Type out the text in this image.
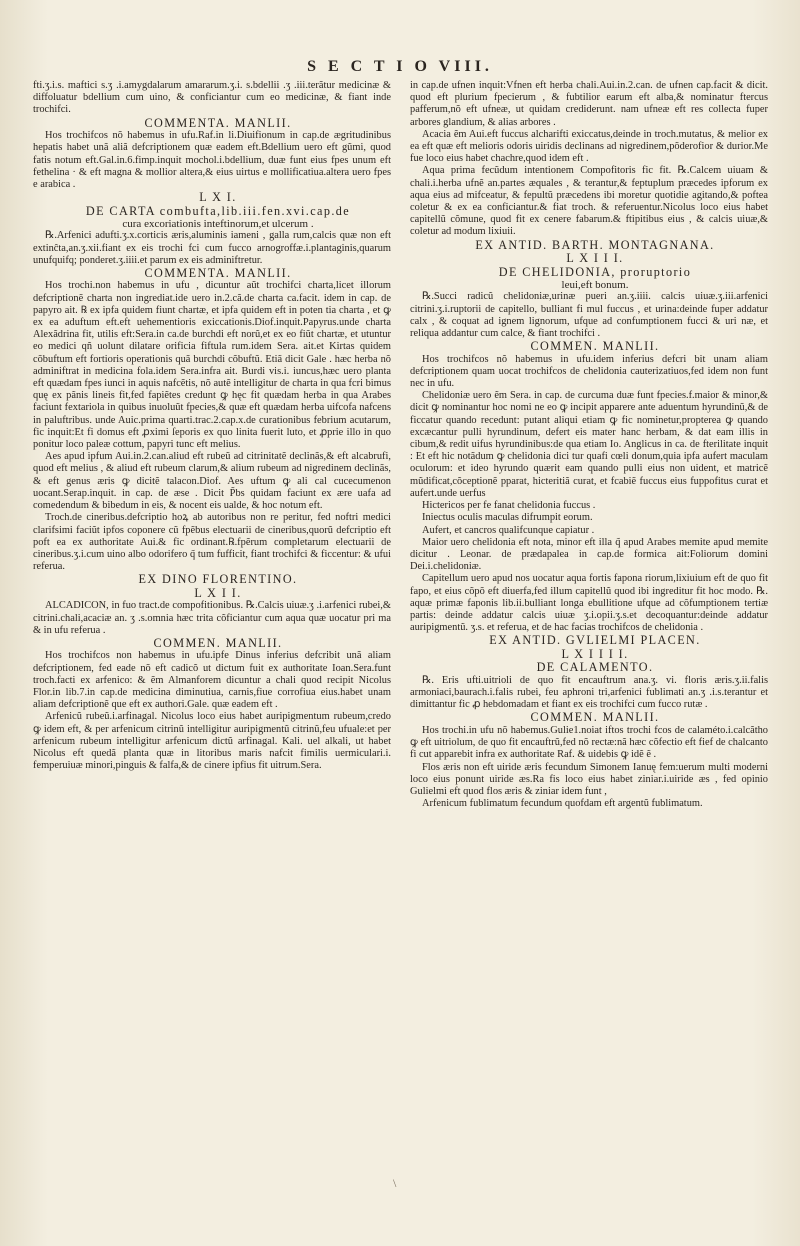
S E C T I O VIII.

fti.ʒ.i.s. maftici s.ʒ .i.amygdalarum amararum.ʒ.i. s.bdellii .ʒ .iii.terãtur medicinæ & diffoluatur bdellium cum uino, & conficiantur cum eo medicinæ, & fiant inde trochifci.

COMMENTA. MANLII.

Hos trochifcos nõ habemus in ufu.Raf.in li.Diuifionum in cap.de ægritudinibus hepatis habet unã aliã defcriptionem quæ eadem eft.Bdellium uero eft gũmi, quod fatis notum eft.Gal.in.6.fimp.inquit mochol.i.bdellium, duæ funt eius fpes unum eft fethelina · & eft magna & mollior altera,& eius uirtus e mollificatiua.altera uero fpes e arabica .

L X I.

DE CARTA combufta,lib.iii.fen.xvi.cap.de

cura excoriationis inteftinorum,et ulcerum .

℞.Arfenici adufti.ʒ.x.corticis æris,aluminis iameni , galla rum,calcis quæ non eft extinĉta,an.ʒ.xii.fiant ex eis trochi fci cum fucco arnogroffæ.i.plantaginis,quarum unufquifq; ponderet.ʒ.iiii.et parum ex eis adminiftretur.

COMMENTA. MANLII.

Hos trochi.non habemus in ufu , dicuntur aũt trochifci charta,licet illorum defcriptionẽ charta non ingrediat.ide uero in.2.cã.de charta ca.facit. idem in cap. de papyro ait. ℞ ex ipfa quidem fiunt chartæ, et ipfa quidem eft in poten tia charta , et ꝙ ex ea aduftum eft.eft uehementioris exiccationis.Diof.inquit.Papyrus.unde charta Alexãdrina fit, utilis eft:Sera.in ca.de burchdi eft norũ,et ex eo fiũt chartæ, et utuntur eo medici qñ uolunt dilatare orificia fiftula rum.idem Sera. ait.et Kirtas quidem cõbuftum eft fortioris operationis quã burchdi cõbuftũ. Etiã dicit Gale . hæc herba nõ adminiftrat in medicina fola.idem Sera.infra ait. Burdi vis.i. iuncus,hæc uero planta eft quædam fpes iunci in aquis nafcẽtis, nõ autẽ intelligitur de charta in qua fcri bimus quę ex pãnis lineis fit,fed fapiẽtes credunt ꝙ hęc fit quædam herba in qua Arabes faciunt fextariola in quibus inuoluũt fpecies,& quæ eft quædam herba uifcofa nafcens in paluftribus. unde Auic.prima quarti.trac.2.cap.x.de curationibus febrium acutarum, fic inquit:Et fi domus eft ꝓximi ſeporis ex quo linita fuerit luto, et ꝓprie illo in quo ponitur loco paleæ cottum, papyri tunc eft melius.

Aes apud ipfum Aui.in.2.can.aliud eft rubeũ ad citrinitatẽ declinãs,& eft alcabrufi, quod eft melius , & aliud eft rubeum clarum,& alium rubeum ad nigredinem declinãs, & eft genus æris ꝙ dicitẽ talacon.Diof. Aes uftum ꝙ ali cal cucecumenon uocant.Serap.inquit. in cap. de æse . Dicit P̃bs quidam faciunt ex ære uafa ad comedendum & bibedum in eis, & nocent eis ualde, & hoc notum eft.

Troch.de cineribus.defcriptio hoꝝ ab autoribus non re peritur, fed noftri medici clarifsimi faciũt ipfos coponere cũ fpẽbus electuarii de cineribus,quorũ defcriptio eft poft ea ex authoritate Aui.& fic ordinant.℞.fpẽrum completarum electuarii de cineribus.ʒ.i.cum uino albo odorifero q̃ tum fufficit, fiant trochifci & ficcentur: & ufui referua.

EX DINO FLORENTINO.

L X I I.

ALCADICON, in fuo tract.de compofitionibus. ℞.Calcis uiuæ.ʒ .i.arfenici rubei,& citrini.chali,acaciæ an. ʒ .s.omnia hæc trita cõficiantur cum aqua quæ uocatur pri ma & in ufu referua .

COMMEN. MANLII.

Hos trochifcos non habemus in ufu.ipfe Dinus inferius defcribit unã aliam defcriptionem, fed eade nõ eft cadicõ ut dictum fuit ex authoritate Ioan.Sera.funt troch.facti ex arfenico: & ẽm Almanforem dicuntur a chali quod recipit Nicolus Flor.in lib.7.in cap.de medicina diminutiua, carnis,fiue corrofiua eius.habet unam aliam defcriptionẽ que eft ex authori.Gale. quæ eadem eft .

Arfenicũ rubeũ.i.arfinagal. Nicolus loco eius habet auripigmentum rubeum,credo ꝙ idem eft, & per arfenicum citrinũ intelligitur auripigmentũ citrinũ,feu ufuale:et per arfenicum rubeum intelligitur arfenicum dictũ arfinagal. Kali. uel alkali, ut habet Nicolus eft quedã planta quæ in litoribus maris nafcit fimilis uermiculari.i. femperuiuæ minori,pinguis & falfa,& de cinere ipfius fit uitrum.Sera.

in cap.de ufnen inquit:Vfnen eft herba chali.Aui.in.2.can. de ufnen cap.facit & dicit. quod eft plurium fpecierum , & fubtilior earum eft alba,& nominatur ftercus pafferum,nõ eft ufneæ, ut quidam crediderunt. nam ufneæ eft res collecta fuper arbores glandium, & alias arbores .

Acacia ẽm Aui.eft fuccus alcharifti exiccatus,deinde in troch.mutatus, & melior ex ea eft quæ eft melioris odoris uiridis declinans ad nigredinem,põderofior & durior.Me fue loco eius habet chachre,quod idem eft .

Aqua prima fecũdum intentionem Compofitoris fic fit. ℞.Calcem uiuam & chali.i.herba ufnẽ an.partes æquales , & terantur,& feptuplum præcedes ipforum ex aqua eius ad mifceatur, & fepultũ præcedens ibi moretur quotidie agitando,& poftea coletur & ex ea conficiantur.& fiat troch. & referuentur.Nicolus loco eius habet capitellũ cõmune, quod fit ex cenere fabarum.& ftipitibus eius , & calcis uiuæ,& coletur ad modum lixiuii.

EX ANTID. BARTH. MONTAGNANA.

L X I I I.

DE CHELIDONIA, proruptorio

leui,eft bonum.

℞.Succi radicũ chelidoniæ,urinæ pueri an.ʒ.iiii. calcis uiuæ.ʒ.iii.arfenici citrini.ʒ.i.ruptorii de capitello, bulliant fi mul fuccus , et urina:deinde fuper addatur calx , & coquat ad ignem lignorum, ufque ad confumptionem fucci & uri næ, et reliqua addantur cum calce, & fiant trochifci .

COMMEN. MANLII.

Hos trochifcos nõ habemus in ufu.idem inferius defcri bit unam aliam defcriptionem quam uocat trochifcos de chelidonia cauterizatiuos,fed idem non funt nec in ufu.

Chelidoniæ uero ẽm Sera. in cap. de curcuma duæ funt fpecies.f.maior & minor,& dicit ꝙ nominantur hoc nomi ne eo ꝙ incipit apparere ante aduentum hyrundinũ,& de ficcatur quando recedunt: putant aliqui etiam ꝙ fic nominetur,propterea ꝙ quando excæcantur pulli hyrundinum, defert eis mater hanc herbam, & dat eam illis in cibum,& redit uifus hyrundinibus:de qua etiam Io. Anglicus in ca. de fterilitate inquit : Et eft hic notãdum ꝙ chelidonia dici tur quafi cœli donum,quia ipfa aufert maculam oculorum: et ideo hyrundo quærit eam quando pulli eius non uident, et matricẽ mũdificat,cõceptionẽ pparat, hicteritiã curat, et fcabiẽ fuccus eius fuppofitus curat et aufert.unde uerfus

Hictericos per fe fanat chelidonia fuccus .

Iniectus oculis maculas difrumpit eorum.

Aufert, et cancros qualifcunque capiatur .

Maior uero chelidonia eft nota, minor eft illa q̃ apud Arabes memite apud memite dicitur . Leonar. de prædapalea in cap.de formica ait:Foliorum domini Dei.i.chelidoniæ.

Capitellum uero apud nos uocatur aqua fortis fapona riorum,lixiuium eft de quo fit fapo, et eius cõpõ eft diuerfa,fed illum capitellũ quod ibi ingreditur fit hoc modo. ℞. aquæ primæ faponis lib.ii.bulliant longa ebullitione ufque ad cõfumptionem tertiæ partis: deinde addatur calcis uiuæ ʒ.i.opii.ʒ.s.et decoquantur:deinde addatur auripigmentũ. ʒ.s. et referua, et de hac facias trochifcos de chelidonia .

EX ANTID. GVLIELMI PLACEN.

L X I I I I.

DE CALAMENTO.

℞. Eris ufti.uitrioli de quo fit encauftrum ana.ʒ. vi. floris æris.ʒ.ii.falis armoniaci,baurach.i.falis rubei, feu aphroni tri,arfenici fublimati an.ʒ .i.s.terantur et dimittantur fic ꝓ hebdomadam et fiant ex eis trochifci cum fucco rutæ .

COMMEN. MANLII.

Hos trochi.in ufu nõ habemus.Gulie1.noiat iftos trochi fcos de calaméto.i.calcãtho ꝙ eft uitriolum, de quo fit encauftrũ,fed nõ rectæ:nã hæc cõfectio eft fief de chalcanto fi cut apparebit infra ex authoritate Raf. & uidebis ꝙ idẽ ẽ .

Flos æris non eft uiride æris fecundum Simonem Ianuę fem:uerum multi moderni loco eius ponunt uiride æs.Ra fis loco eius habet ziniar.i.uiride æs , fed opinio Gulielmi eft quod flos æris & ziniar idem funt ,

Arfenicum fublimatum fecundum quofdam eft argentũ fublimatum.

\
